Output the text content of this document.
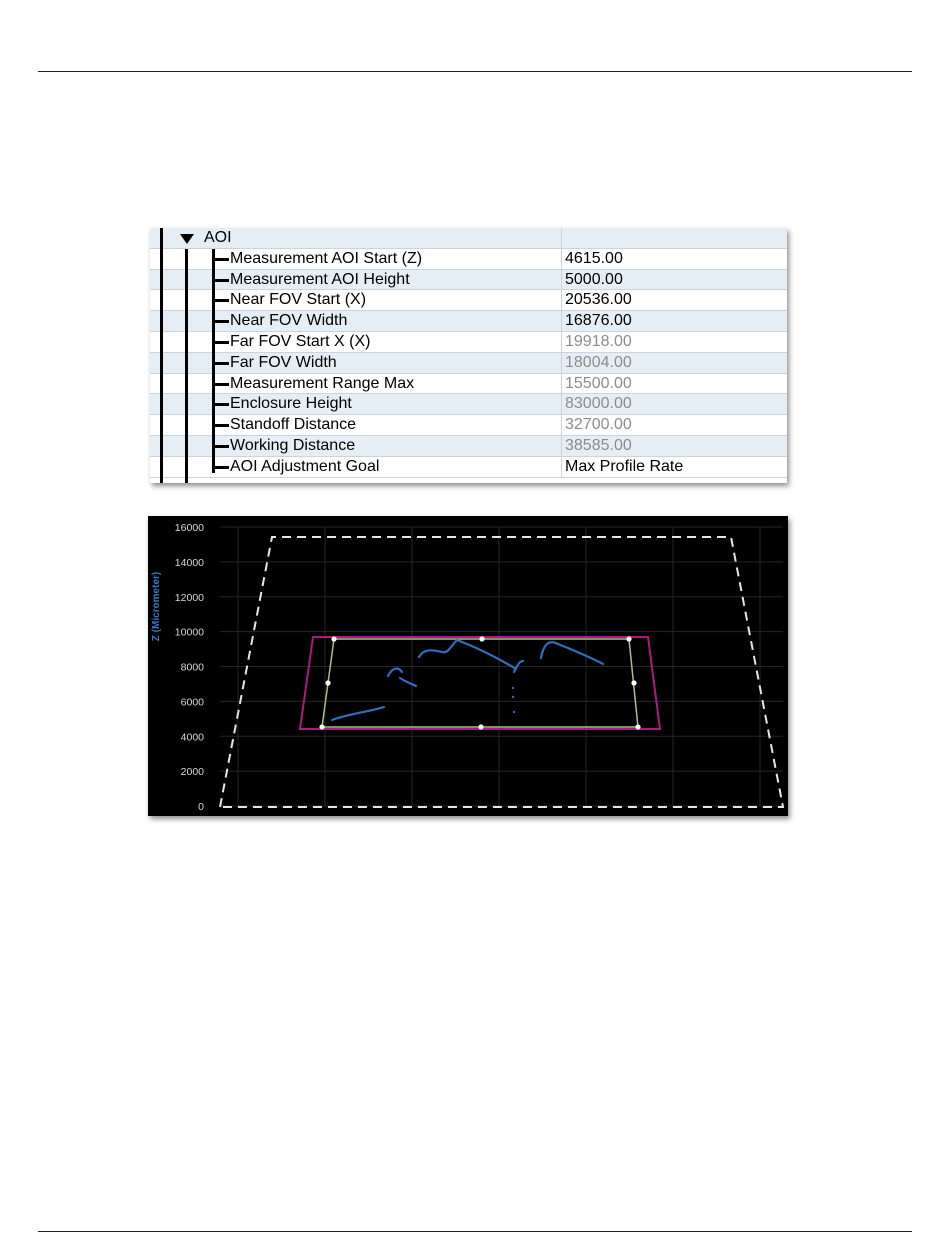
AOI
Measurement AOI Start (Z)	4615.00
Measurement AOI Height	5000.00
Near FOV Start (X)	20536.00
Near FOV Width	16876.00
Far FOV Start X (X)	19918.00
Far FOV Width	18004.00
Measurement Range Max	15500.00
Enclosure Height	83000.00
Standoff Distance	32700.00
Working Distance	38585.00
AOI Adjustment Goal	Max Profile Rate
16000
14000
12000
10000
8000
6000
4000
2000
0
Z (Micrometer)
